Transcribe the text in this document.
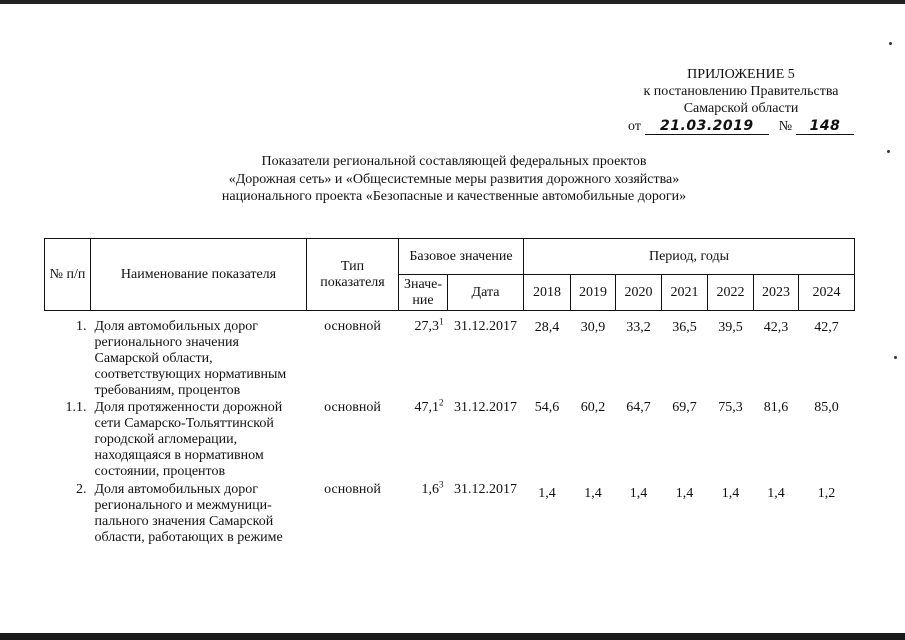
ПРИЛОЖЕНИЕ 5
к постановлению Правительства
Самарской области
от	21.03.2019	№	148
Показатели региональной составляющей федеральных проектов
«Дорожная сеть» и «Общесистемные меры развития дорожного хозяйства»
национального проекта «Безопасные и качественные автомобильные дороги»
№ п/п	Наименование показателя	Тип показателя	Базовое значение		Период, годы						
			Значе-ние	Дата	2018	2019	2020	2021	2022	2023	2024
1.	Доля автомобильных дорог регионального значения Самарской области, соответствующих нормативным требованиям, процентов	основной	27,3$^1$	31.12.2017	28,4	30,9	33,2	36,5	39,5	42,3	42,7
1.1.	Доля протяженности дорожной сети Самарско-Тольяттинской городской агломерации, находящаяся в нормативном состоянии, процентов	основной	47,1$^2$	31.12.2017	54,6	60,2	64,7	69,7	75,3	81,6	85,0
2.	Доля автомобильных дорог регионального и межмуници-пального значения Самарской области, работающих в режиме	основной	$1,6^3$	31.12.2017	1,4	1,4	1,4	1,4	1,4	1,4	1,2
